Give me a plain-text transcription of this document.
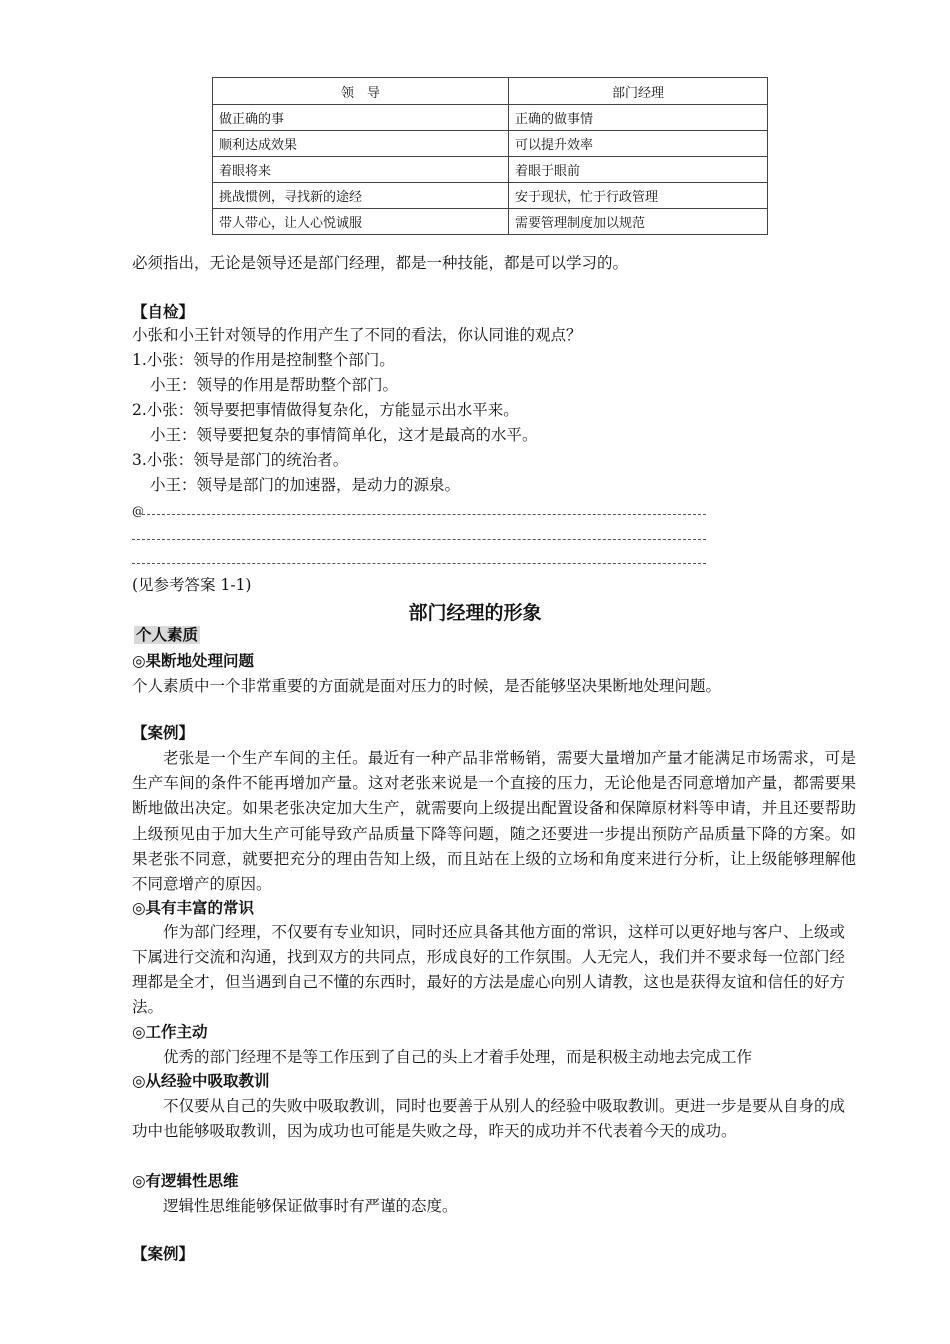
领　导	部门经理
做正确的事	正确的做事情
顺利达成效果	可以提升效率
着眼将来	着眼于眼前
挑战惯例，寻找新的途经	安于现状，忙于行政管理
带人带心，让人心悦诚服	需要管理制度加以规范
必须指出，无论是领导还是部门经理，都是一种技能，都是可以学习的。
【自检】
小张和小王针对领导的作用产生了不同的看法，你认同谁的观点？
1.小张：领导的作用是控制整个部门。
小王：领导的作用是帮助整个部门。
2.小张：领导要把事情做得复杂化，方能显示出水平来。
小王：领导要把复杂的事情简单化，这才是最高的水平。
3.小张：领导是部门的统治者。
小王：领导是部门的加速器，是动力的源泉。
@
(见参考答案 1-1)
部门经理的形象
个人素质
◎果断地处理问题
个人素质中一个非常重要的方面就是面对压力的时候，是否能够坚决果断地处理问题。
【案例】
老张是一个生产车间的主任。最近有一种产品非常畅销，需要大量增加产量才能满足市场需求，可是生产车间的条件不能再增加产量。这对老张来说是一个直接的压力，无论他是否同意增加产量，都需要果断地做出决定。如果老张决定加大生产，就需要向上级提出配置设备和保障原材料等申请，并且还要帮助上级预见由于加大生产可能导致产品质量下降等问题，随之还要进一步提出预防产品质量下降的方案。如果老张不同意，就要把充分的理由告知上级，而且站在上级的立场和角度来进行分析，让上级能够理解他不同意增产的原因。
◎具有丰富的常识
作为部门经理，不仅要有专业知识，同时还应具备其他方面的常识，这样可以更好地与客户、上级或下属进行交流和沟通，找到双方的共同点，形成良好的工作氛围。人无完人，我们并不要求每一位部门经理都是全才，但当遇到自己不懂的东西时，最好的方法是虚心向别人请教，这也是获得友谊和信任的好方法。
◎工作主动
优秀的部门经理不是等工作压到了自己的头上才着手处理，而是积极主动地去完成工作
◎从经验中吸取教训
不仅要从自己的失败中吸取教训，同时也要善于从别人的经验中吸取教训。更进一步是要从自身的成功中也能够吸取教训，因为成功也可能是失败之母，昨天的成功并不代表着今天的成功。
◎有逻辑性思维
逻辑性思维能够保证做事时有严谨的态度。
【案例】
